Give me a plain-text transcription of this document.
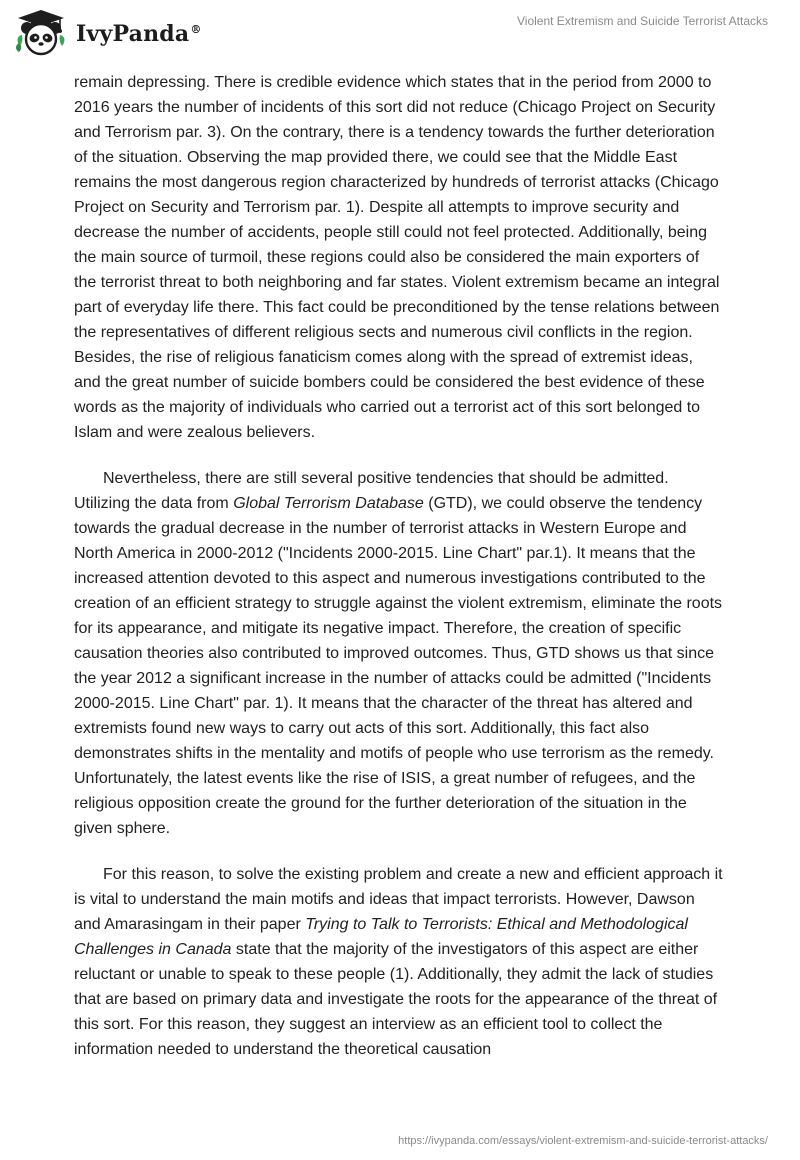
IvyPanda®
Violent Extremism and Suicide Terrorist Attacks

remain depressing. There is credible evidence which states that in the period from 2000 to 2016 years the number of incidents of this sort did not reduce (Chicago Project on Security and Terrorism par. 3). On the contrary, there is a tendency towards the further deterioration of the situation. Observing the map provided there, we could see that the Middle East remains the most dangerous region characterized by hundreds of terrorist attacks (Chicago Project on Security and Terrorism par. 1). Despite all attempts to improve security and decrease the number of accidents, people still could not feel protected. Additionally, being the main source of turmoil, these regions could also be considered the main exporters of the terrorist threat to both neighboring and far states. Violent extremism became an integral part of everyday life there. This fact could be preconditioned by the tense relations between the representatives of different religious sects and numerous civil conflicts in the region. Besides, the rise of religious fanaticism comes along with the spread of extremist ideas, and the great number of suicide bombers could be considered the best evidence of these words as the majority of individuals who carried out a terrorist act of this sort belonged to Islam and were zealous believers.

Nevertheless, there are still several positive tendencies that should be admitted. Utilizing the data from Global Terrorism Database (GTD), we could observe the tendency towards the gradual decrease in the number of terrorist attacks in Western Europe and North America in 2000-2012 ("Incidents 2000-2015. Line Chart" par.1). It means that the increased attention devoted to this aspect and numerous investigations contributed to the creation of an efficient strategy to struggle against the violent extremism, eliminate the roots for its appearance, and mitigate its negative impact. Therefore, the creation of specific causation theories also contributed to improved outcomes. Thus, GTD shows us that since the year 2012 a significant increase in the number of attacks could be admitted ("Incidents 2000-2015. Line Chart" par. 1). It means that the character of the threat has altered and extremists found new ways to carry out acts of this sort. Additionally, this fact also demonstrates shifts in the mentality and motifs of people who use terrorism as the remedy. Unfortunately, the latest events like the rise of ISIS, a great number of refugees, and the religious opposition create the ground for the further deterioration of the situation in the given sphere.

For this reason, to solve the existing problem and create a new and efficient approach it is vital to understand the main motifs and ideas that impact terrorists. However, Dawson and Amarasingam in their paper Trying to Talk to Terrorists: Ethical and Methodological Challenges in Canada state that the majority of the investigators of this aspect are either reluctant or unable to speak to these people (1). Additionally, they admit the lack of studies that are based on primary data and investigate the roots for the appearance of the threat of this sort. For this reason, they suggest an interview as an efficient tool to collect the information needed to understand the theoretical causation

https://ivypanda.com/essays/violent-extremism-and-suicide-terrorist-attacks/
